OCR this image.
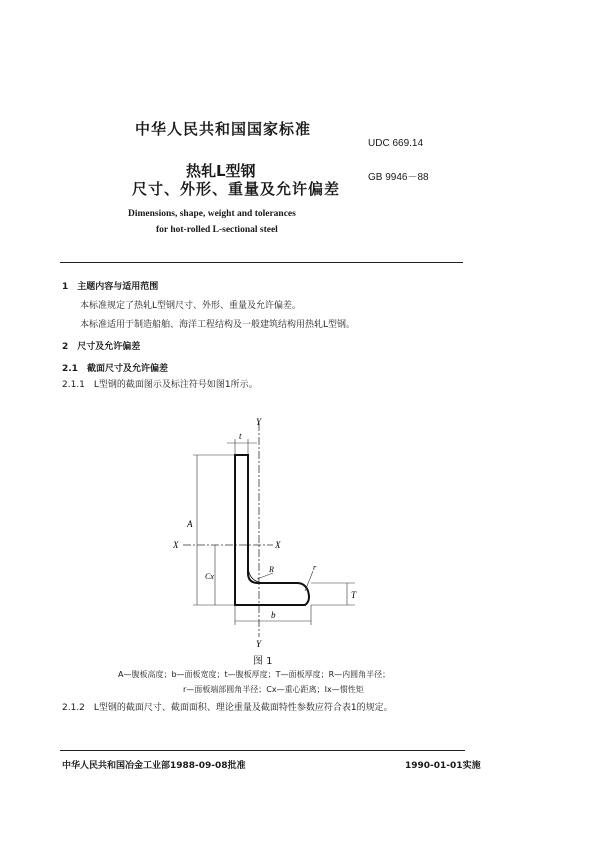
中华人民共和国国家标准
UDC 669.14
热轧L型钢	GB 9946－88
尺寸、外形、重量及允许偏差
Dimensions, shape, weight and tolerances
for hot-rolled L-sectional steel
1　主题内容与适用范围
本标准规定了热轧L型钢尺寸、外形、重量及允许偏差。
本标准适用于制造船舶、海洋工程结构及一般建筑结构用热轧L型钢。
2　尺寸及允许偏差
2.1　截面尺寸及允许偏差
2.1.1　L型钢的截面图示及标注符号如图1所示。
Y
Y
X	X
t
A
Cx
R	r
T
b
图 1
A—腹板高度；b—面板宽度；t—腹板厚度；T—面板厚度；R—内圆角半径；
r—面板端部圆角半径；Cx—重心距离；Ix—惯性矩
2.1.2　L型钢的截面尺寸、截面面积、理论重量及截面特性参数应符合表1的规定。
中华人民共和国冶金工业部1988-09-08批准	1990-01-01实施
